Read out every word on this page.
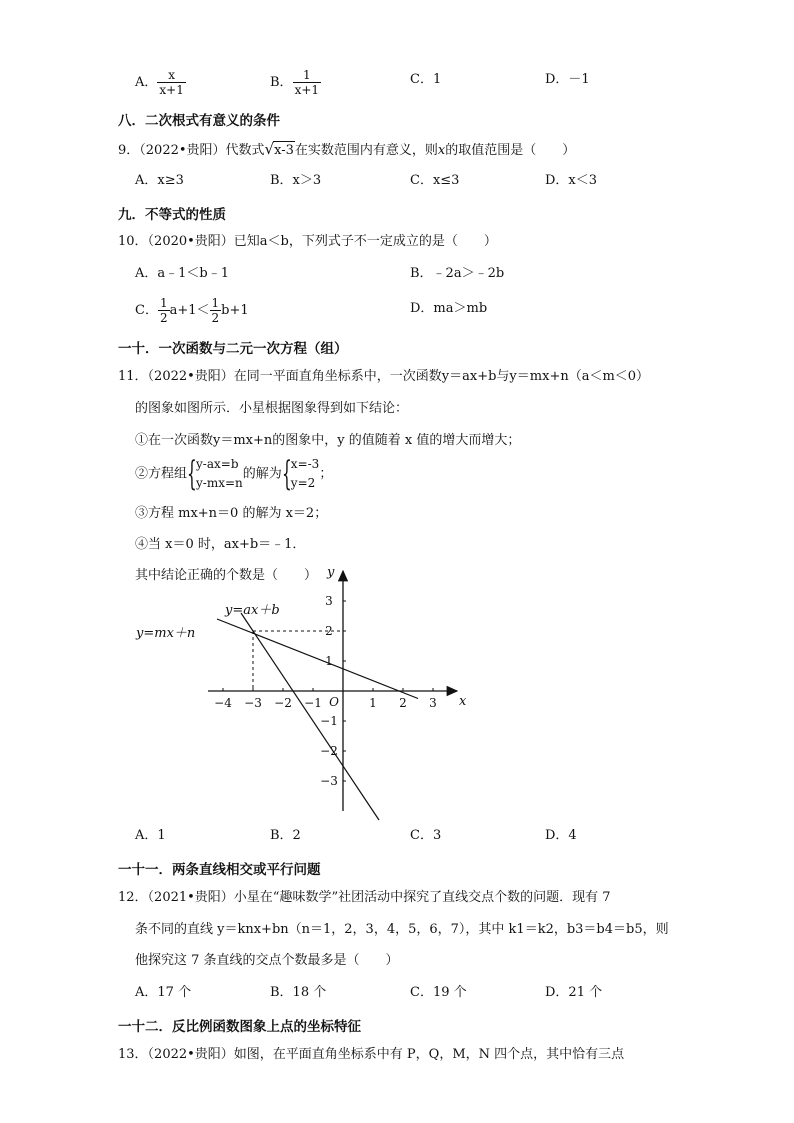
A． $\frac{x}{x+1}$	B． $\frac{1}{x+1}$	C．1	D．－1
八．二次根式有意义的条件
9．（2022•贵阳）代数式√x-3在实数范围内有意义，则x的取值范围是（　　）
A．x≥3	B．x＞3	C．x≤3	D．x＜3
九．不等式的性质
10．（2020•贵阳）已知a＜b，下列式子不一定成立的是（　　）
A．a﹣1＜b﹣1	B．﹣2a＞﹣2b
C． $\frac{1}{2} a+1< \frac{1}{2} b+1$	D．ma＞mb
一十．一次函数与二元一次方程（组）
11．（2022•贵阳）在同一平面直角坐标系中，一次函数y＝ax+b与y＝mx+n（a＜m＜0）
的图象如图所示．小星根据图象得到如下结论：
①在一次函数y＝mx+n的图象中，y 的值随着 x 值的增大而增大；
②方程组 { y-ax=b
y-mx=n
的解为 { x=-3
y=2
；
③方程 mx+n＝0 的解为 x＝2；
④当 x＝0 时，ax+b＝﹣1．
其中结论正确的个数是（　　）
−4 −3 −2 −1	1 2 3
3
2
1
−1
−2
−3
O	x
y
y=ax＋b
y=mx＋n
A．1	B．2	C．3	D．4
一十一．两条直线相交或平行问题
12．（2021•贵阳）小星在“趣味数学”社团活动中探究了直线交点个数的问题．现有 7
条不同的直线 y＝knx+bn（n＝1，2，3，4，5，6，7），其中 k1＝k2，b3＝b4＝b5，则
他探究这 7 条直线的交点个数最多是（　　）
A．17 个	B．18 个	C．19 个	D．21 个
一十二．反比例函数图象上点的坐标特征
13．（2022•贵阳）如图，在平面直角坐标系中有 P，Q，M，N 四个点，其中恰有三点
